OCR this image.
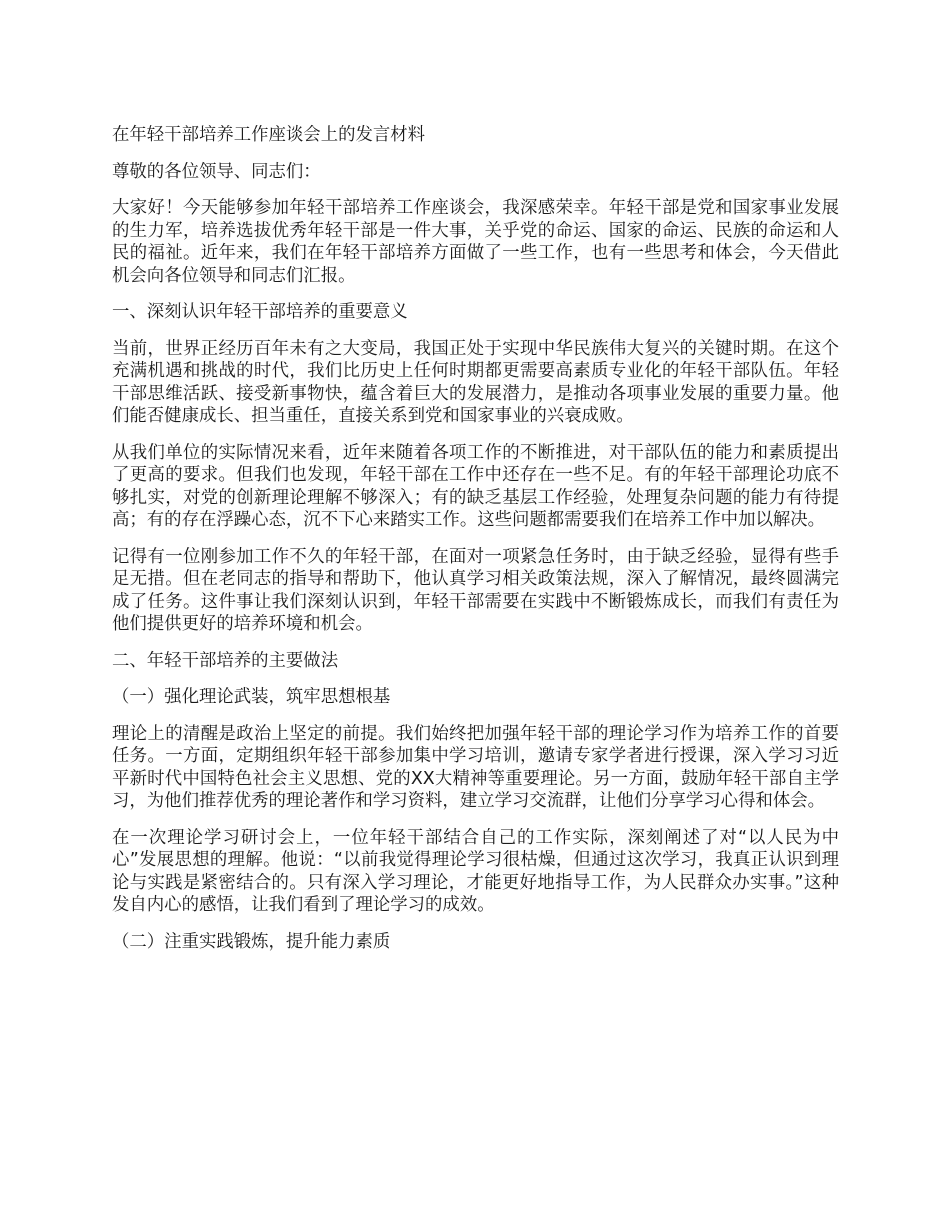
在年轻干部培养工作座谈会上的发言材料

尊敬的各位领导、同志们：

大家好！今天能够参加年轻干部培养工作座谈会，我深感荣幸。年轻干部是党和国家事业发展的生力军，培养选拔优秀年轻干部是一件大事，关乎党的命运、国家的命运、民族的命运和人民的福祉。近年来，我们在年轻干部培养方面做了一些工作，也有一些思考和体会，今天借此机会向各位领导和同志们汇报。

一、深刻认识年轻干部培养的重要意义

当前，世界正经历百年未有之大变局，我国正处于实现中华民族伟大复兴的关键时期。在这个充满机遇和挑战的时代，我们比历史上任何时期都更需要高素质专业化的年轻干部队伍。年轻干部思维活跃、接受新事物快，蕴含着巨大的发展潜力，是推动各项事业发展的重要力量。他们能否健康成长、担当重任，直接关系到党和国家事业的兴衰成败。

从我们单位的实际情况来看，近年来随着各项工作的不断推进，对干部队伍的能力和素质提出了更高的要求。但我们也发现，年轻干部在工作中还存在一些不足。有的年轻干部理论功底不够扎实，对党的创新理论理解不够深入；有的缺乏基层工作经验，处理复杂问题的能力有待提高；有的存在浮躁心态，沉不下心来踏实工作。这些问题都需要我们在培养工作中加以解决。

记得有一位刚参加工作不久的年轻干部，在面对一项紧急任务时，由于缺乏经验，显得有些手足无措。但在老同志的指导和帮助下，他认真学习相关政策法规，深入了解情况，最终圆满完成了任务。这件事让我们深刻认识到，年轻干部需要在实践中不断锻炼成长，而我们有责任为他们提供更好的培养环境和机会。

二、年轻干部培养的主要做法

（一）强化理论武装，筑牢思想根基

理论上的清醒是政治上坚定的前提。我们始终把加强年轻干部的理论学习作为培养工作的首要任务。一方面，定期组织年轻干部参加集中学习培训，邀请专家学者进行授课，深入学习习近平新时代中国特色社会主义思想、党的XX大精神等重要理论。另一方面，鼓励年轻干部自主学习，为他们推荐优秀的理论著作和学习资料，建立学习交流群，让他们分享学习心得和体会。

在一次理论学习研讨会上，一位年轻干部结合自己的工作实际，深刻阐述了对“以人民为中心”发展思想的理解。他说：“以前我觉得理论学习很枯燥，但通过这次学习，我真正认识到理论与实践是紧密结合的。只有深入学习理论，才能更好地指导工作，为人民群众办实事。”这种发自内心的感悟，让我们看到了理论学习的成效。

（二）注重实践锻炼，提升能力素质
